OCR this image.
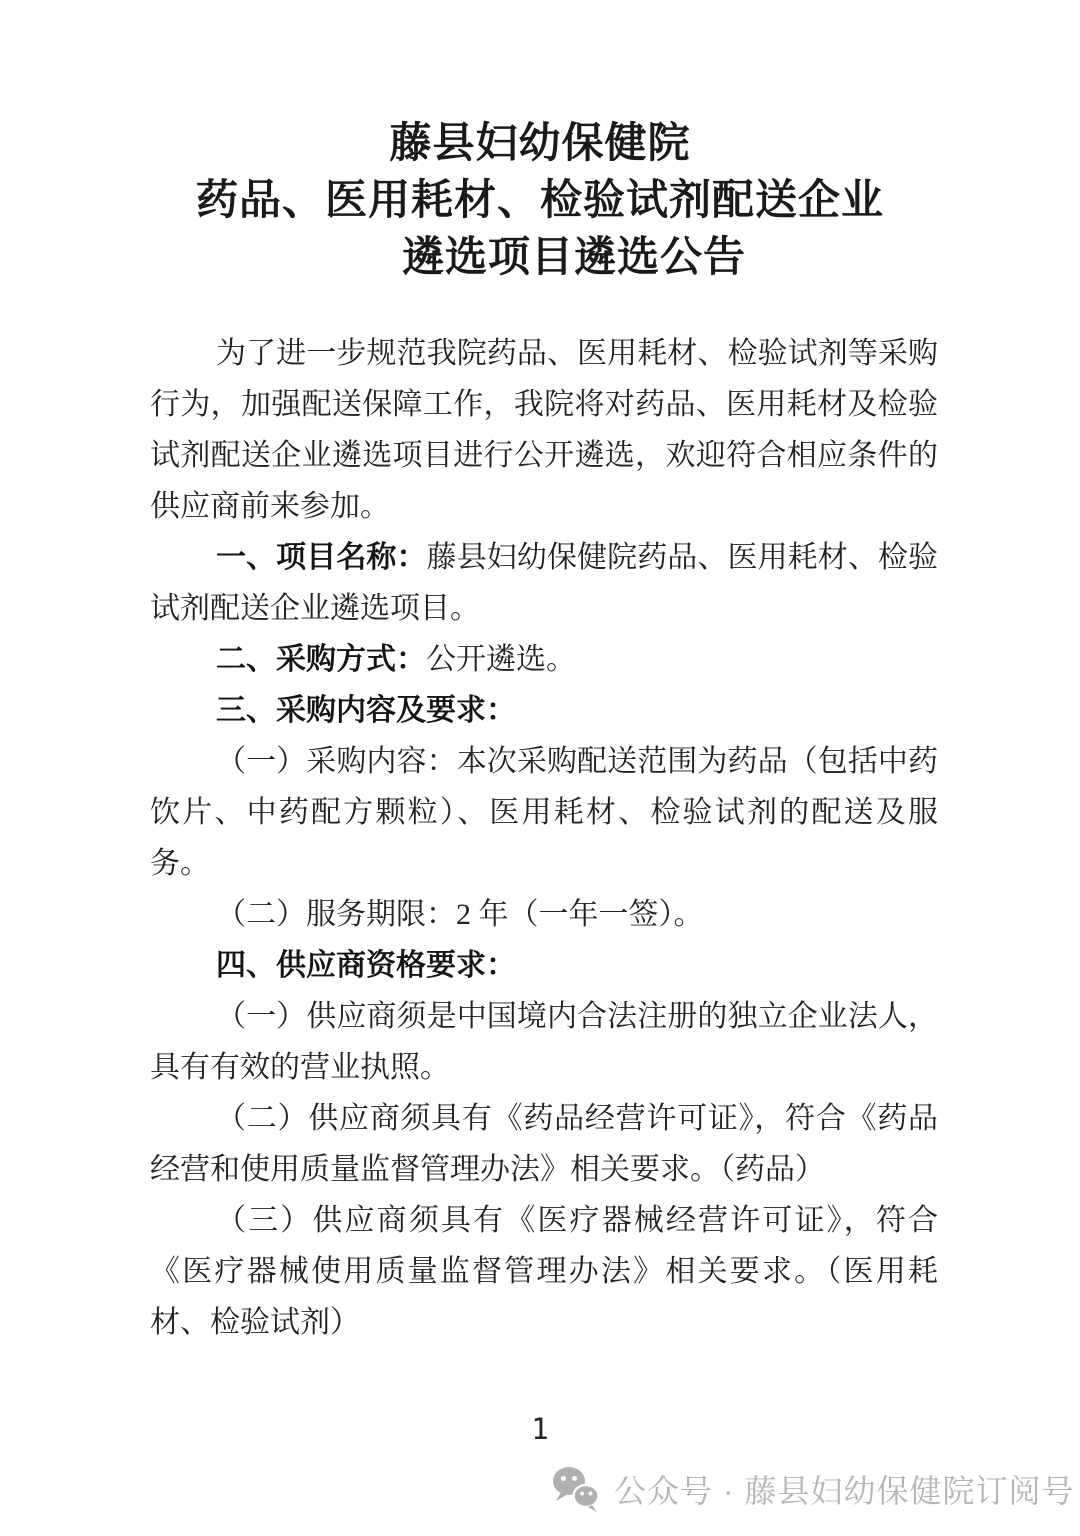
藤县妇幼保健院
药品、医用耗材、检验试剂配送企业
遴选项目遴选公告

为了进一步规范我院药品、医用耗材、检验试剂等采购行为，加强配送保障工作，我院将对药品、医用耗材及检验试剂配送企业遴选项目进行公开遴选，欢迎符合相应条件的供应商前来参加。

一、项目名称：藤县妇幼保健院药品、医用耗材、检验试剂配送企业遴选项目。

二、采购方式：公开遴选。

三、采购内容及要求：

（一）采购内容：本次采购配送范围为药品（包括中药饮片、中药配方颗粒）、医用耗材、检验试剂的配送及服务。

（二）服务期限：2 年（一年一签）。

四、供应商资格要求：

（一）供应商须是中国境内合法注册的独立企业法人，具有有效的营业执照。

（二）供应商须具有《药品经营许可证》，符合《药品经营和使用质量监督管理办法》相关要求。（药品）

（三）供应商须具有《医疗器械经营许可证》，符合《医疗器械使用质量监督管理办法》相关要求。（医用耗材、检验试剂）

1
公众号 · 藤县妇幼保健院订阅号
